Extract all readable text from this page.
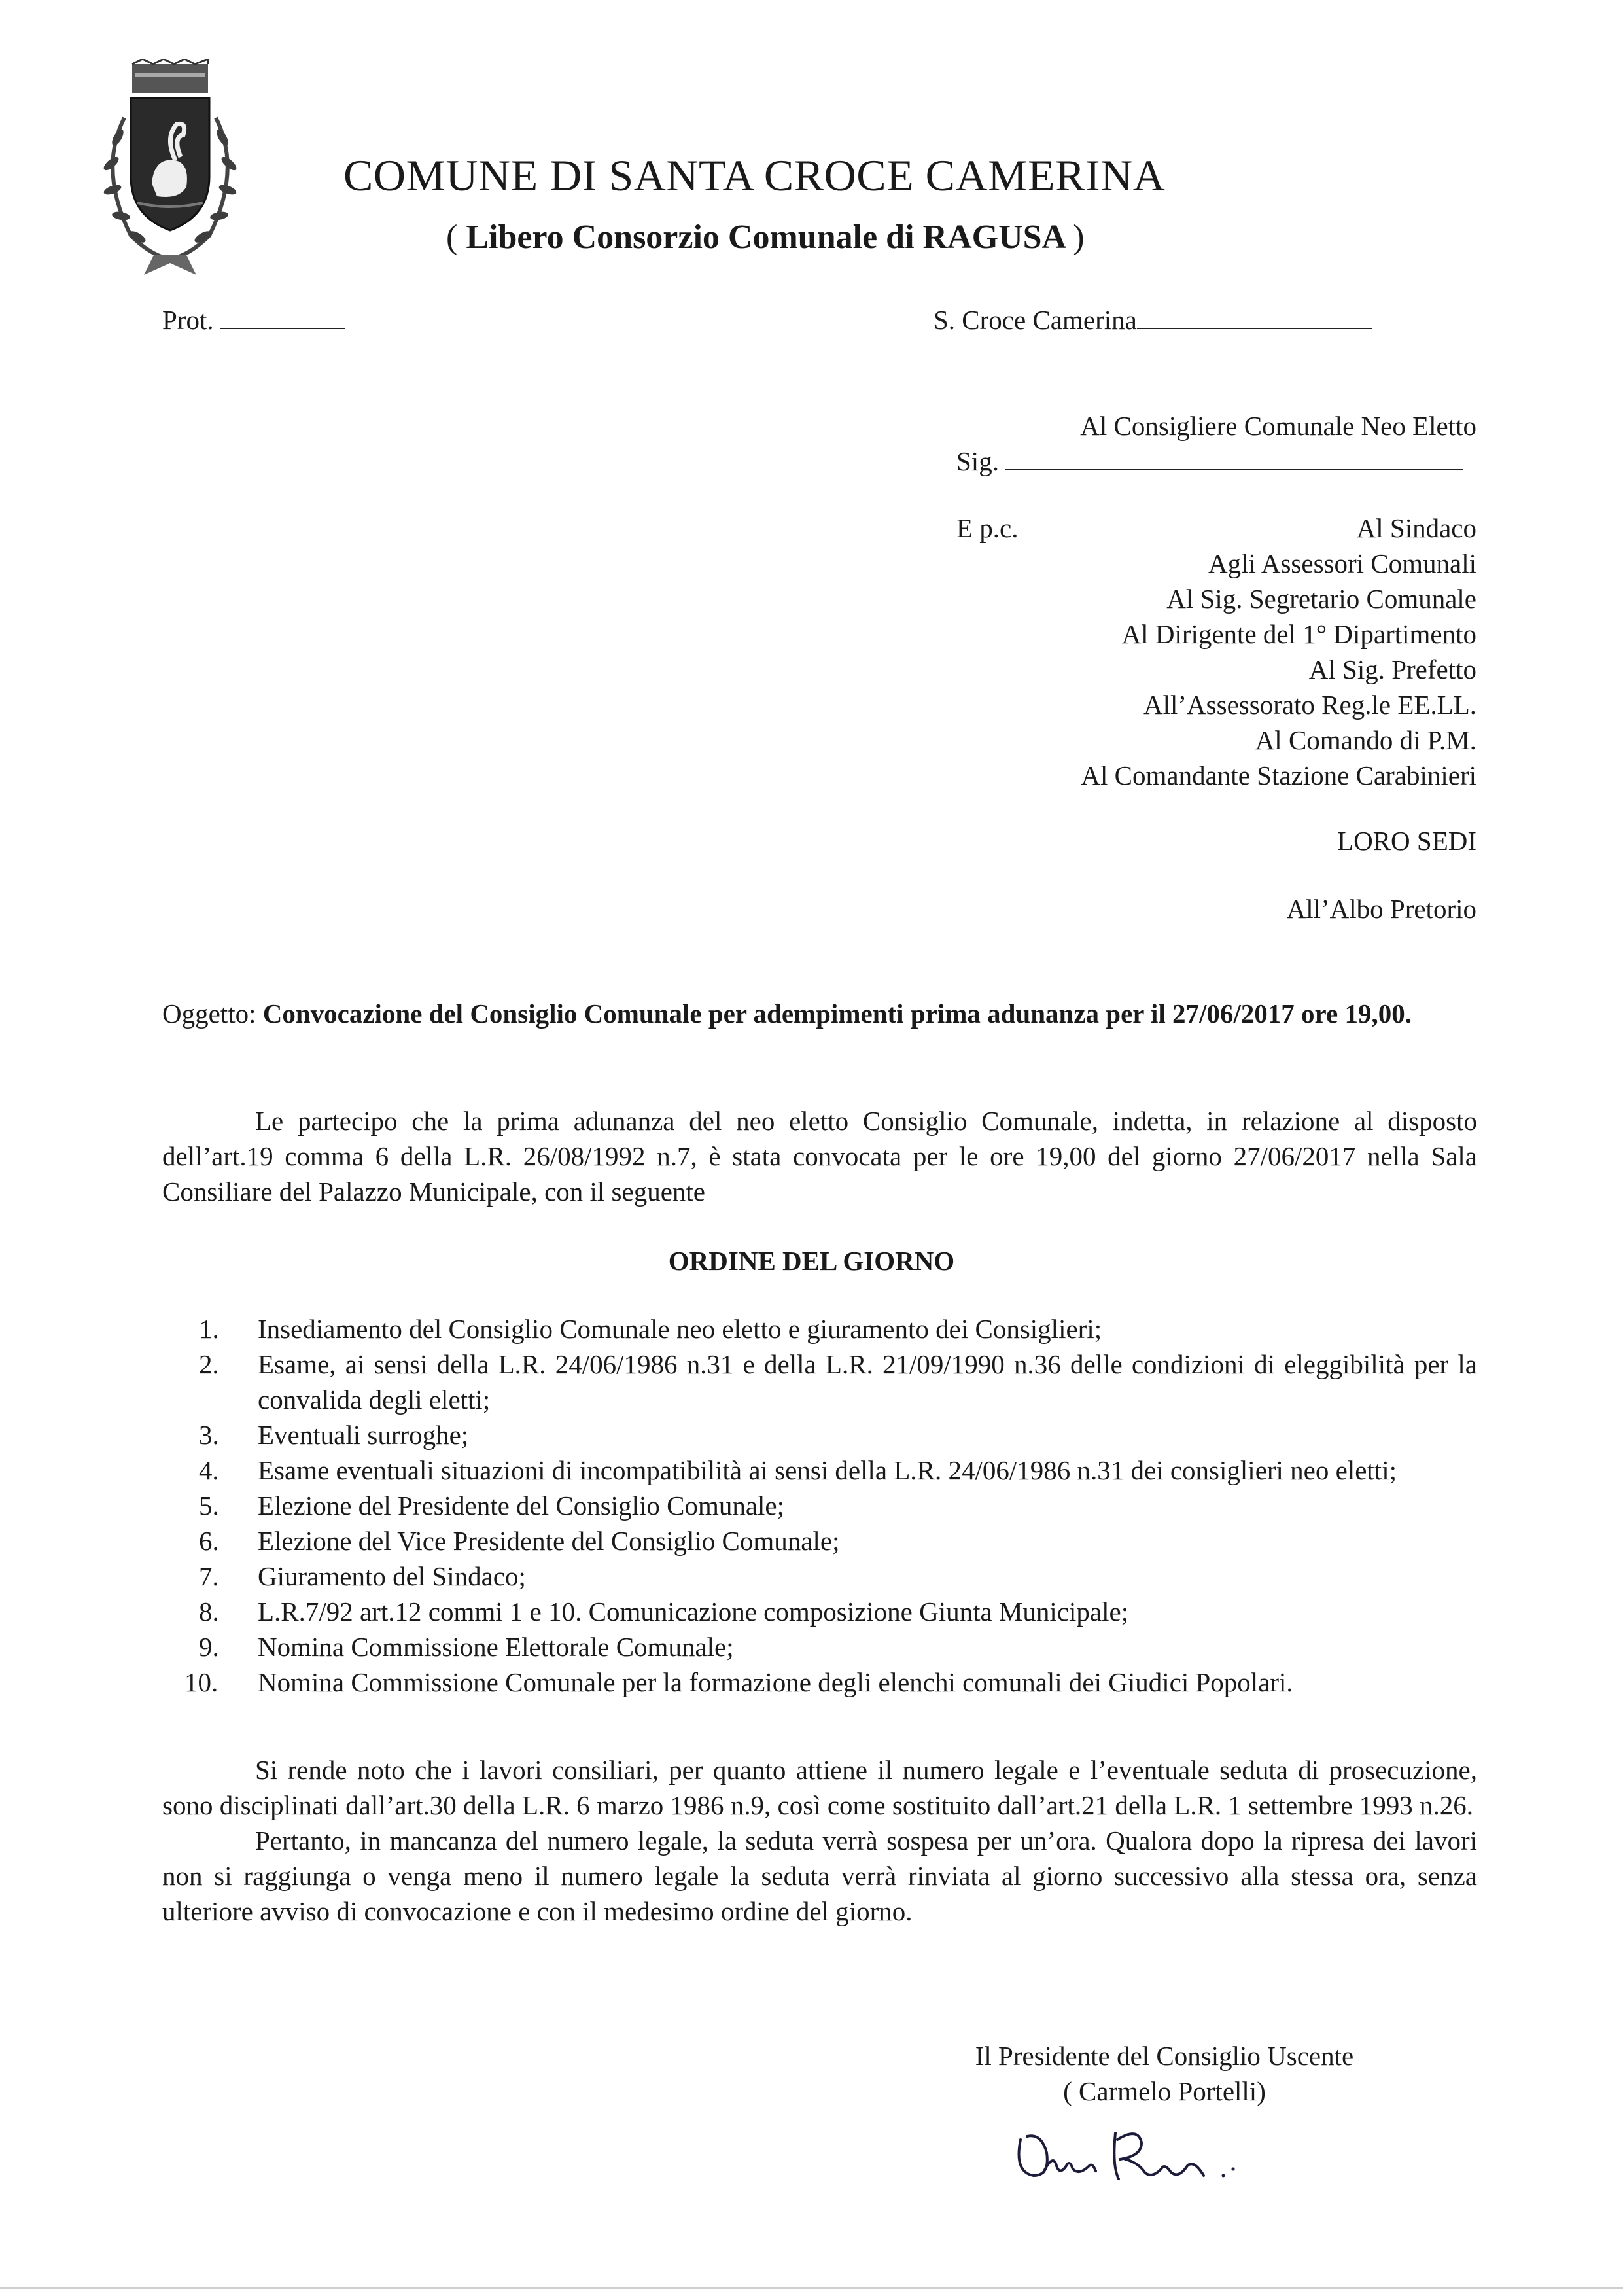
COMUNE DI SANTA CROCE CAMERINA
( Libero Consorzio Comunale di RAGUSA )
Prot.	S. Croce Camerina
Al Consigliere Comunale Neo Eletto
Sig.
E p.c.	Al Sindaco
Agli Assessori Comunali
Al Sig. Segretario Comunale
Al Dirigente del 1° Dipartimento
Al Sig. Prefetto
All’Assessorato Reg.le EE.LL.
Al Comando di P.M.
Al Comandante Stazione Carabinieri
LORO SEDI
All’Albo Pretorio
Oggetto: Convocazione del Consiglio Comunale per adempimenti prima adunanza per il 27/06/2017 ore 19,00.

Le partecipo che la prima adunanza del neo eletto Consiglio Comunale, indetta, in relazione al disposto dell’art.19 comma 6 della L.R. 26/08/1992 n.7, è stata convocata per le ore 19,00 del giorno 27/06/2017 nella Sala Consiliare del Palazzo Municipale, con il seguente

ORDINE DEL GIORNO
1. Insediamento del Consiglio Comunale neo eletto e giuramento dei Consiglieri;
2. Esame, ai sensi della L.R. 24/06/1986 n.31 e della L.R. 21/09/1990 n.36 delle condizioni di eleggibilità per la convalida degli eletti;
3. Eventuali surroghe;
4. Esame eventuali situazioni di incompatibilità ai sensi della L.R. 24/06/1986 n.31 dei consiglieri neo eletti;
5. Elezione del Presidente del Consiglio Comunale;
6. Elezione del Vice Presidente del Consiglio Comunale;
7. Giuramento del Sindaco;
8. L.R.7/92 art.12 commi 1 e 10. Comunicazione composizione Giunta Municipale;
9. Nomina Commissione Elettorale Comunale;
10. Nomina Commissione Comunale per la formazione degli elenchi comunali dei Giudici Popolari.

Si rende noto che i lavori consiliari, per quanto attiene il numero legale e l’eventuale seduta di prosecuzione, sono disciplinati dall’art.30 della L.R. 6 marzo 1986 n.9, così come sostituito dall’art.21 della L.R. 1 settembre 1993 n.26.

Pertanto, in mancanza del numero legale, la seduta verrà sospesa per un’ora. Qualora dopo la ripresa dei lavori non si raggiunga o venga meno il numero legale la seduta verrà rinviata al giorno successivo alla stessa ora, senza ulteriore avviso di convocazione e con il medesimo ordine del giorno.

Il Presidente del Consiglio Uscente
( Carmelo Portelli)
